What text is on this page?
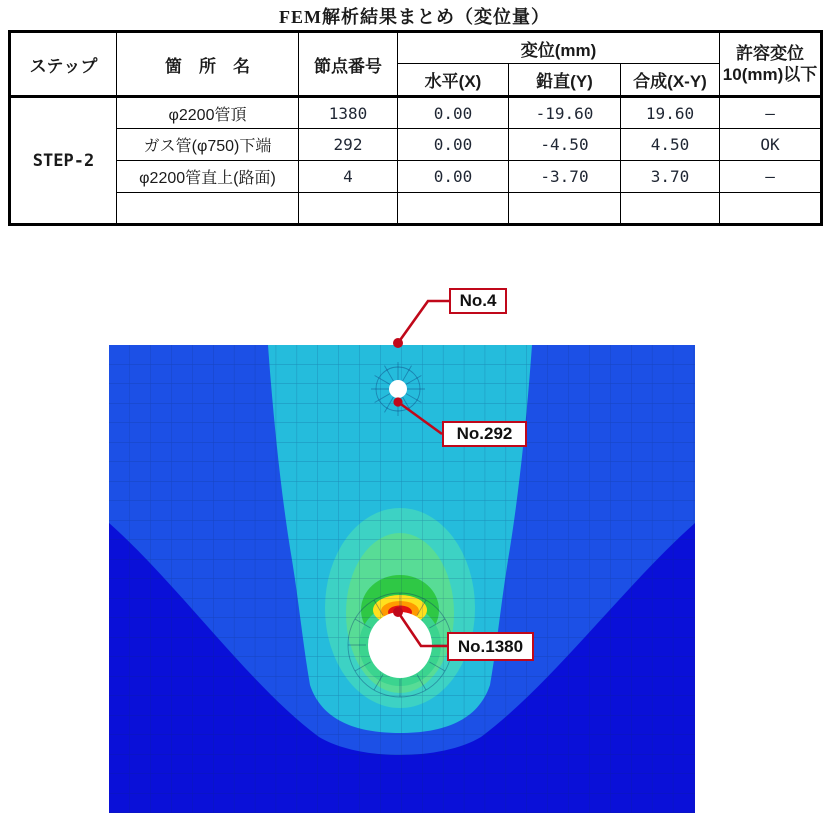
FEM解析結果まとめ（変位量）
ステップ	箇　所　名	節点番号	変位(mm)			許容変位
10(mm)以下

			水平(X)	鉛直(Y)	合成(X-Y)	
STEP-2	φ2200管頂	1380	0.00	-19.60	19.60	―
	ガス管(φ750)下端	292	0.00	-4.50	4.50	OK
	φ2200管直上(路面)	4	0.00	-3.70	3.70	―

No.4
No.292
No.1380
